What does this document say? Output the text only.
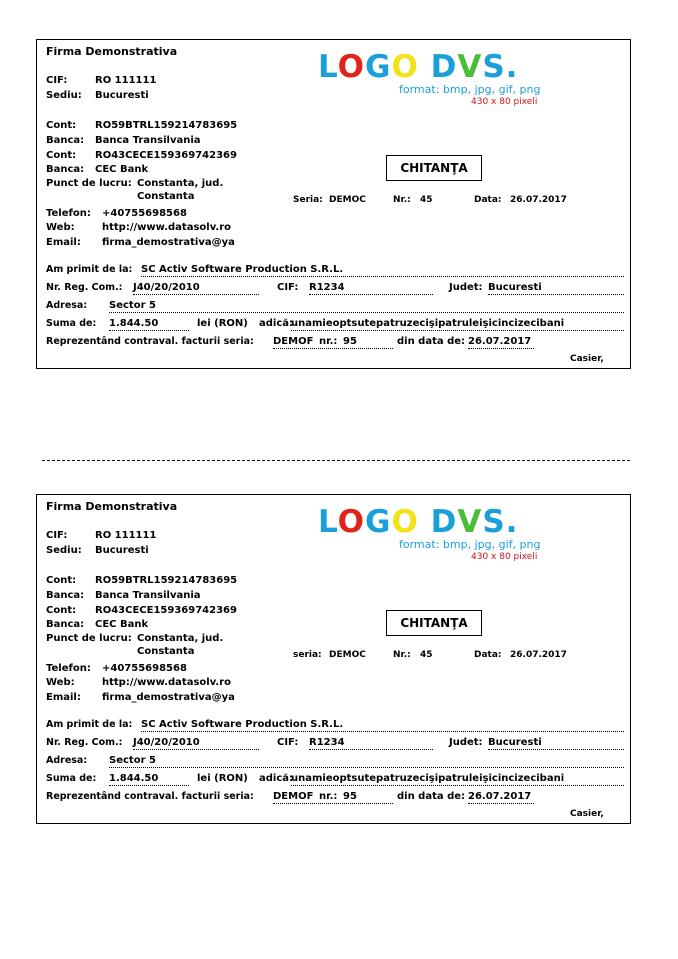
Firma Demonstrativa
CIF:	RO 111111
Sediu: Bucuresti
Cont: RO59BTRL159214783695
Banca: Banca Transilvania
Cont: RO43CECE159369742369
Banca: CEC Bank
Punct de lucru: Constanta, jud.
Constanta
Telefon: +40755698568
Web:	http://www.datasolv.ro
Email: firma_demostrativa@ya
LOGO DVS.
format: bmp, jpg, gif, png
430 x 80 pixeli
CHITANŢA
Seria: DEMOC	Nr.: 45	Data: 26.07.2017
Am primit de la: SC Activ Software Production S.R.L.
Nr. Reg. Com.: J40/20/2010	CIF: R1234	Judet: Bucuresti
Adresa: Sector 5
Suma de: 1.844.50	lei (RON) adică:
unamieoptsutepatruzecişipatruleişicincizecibani
Reprezentând contraval. facturii seria: DEMOF nr.: 95	din data de: 26.07.2017
Casier,
Firma Demonstrativa
CIF:	RO 111111
Sediu: Bucuresti
Cont: RO59BTRL159214783695
Banca: Banca Transilvania
Cont: RO43CECE159369742369
Banca: CEC Bank
Punct de lucru: Constanta, jud.
Constanta
Telefon: +40755698568
Web:	http://www.datasolv.ro
Email: firma_demostrativa@ya
LOGO DVS.
format: bmp, jpg, gif, png
430 x 80 pixeli
CHITANŢA
seria: DEMOC	Nr.: 45	Data: 26.07.2017
Am primit de la: SC Activ Software Production S.R.L.
Nr. Reg. Com.: J40/20/2010	CIF: R1234	Judet: Bucuresti
Adresa: Sector 5
Suma de: 1.844.50	lei (RON) adică:
unamieoptsutepatruzecişipatruleişicincizecibani
Reprezentând contraval. facturii seria: DEMOF nr.: 95	din data de: 26.07.2017
Casier,
